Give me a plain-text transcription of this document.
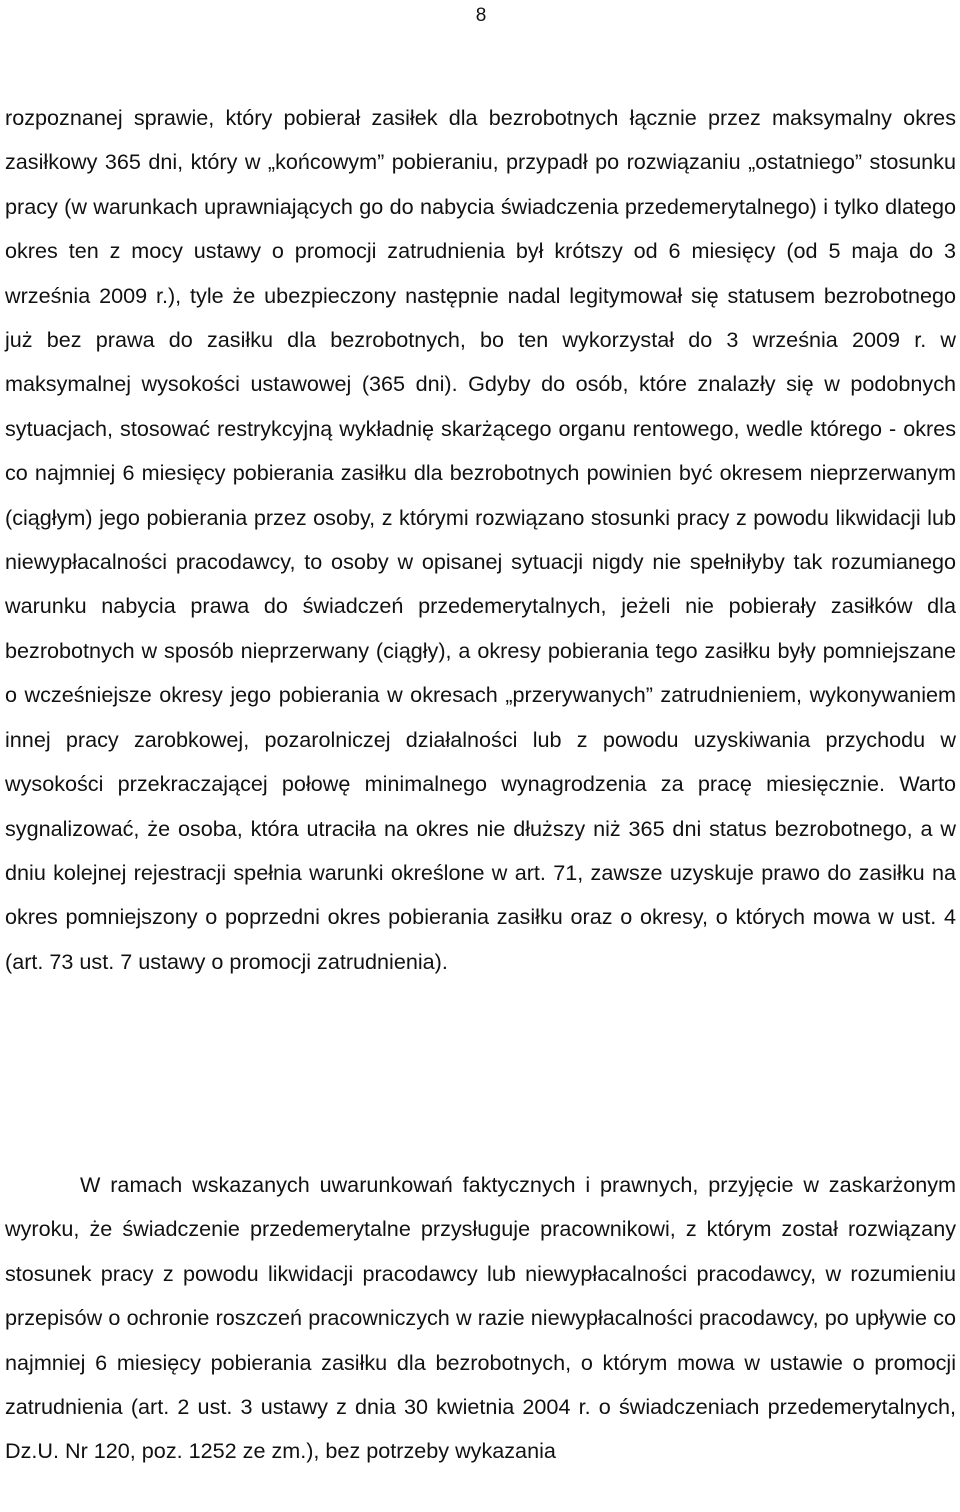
8

rozpoznanej sprawie, który pobierał zasiłek dla bezrobotnych łącznie przez maksymalny okres zasiłkowy 365 dni, który w „końcowym” pobieraniu, przypadł po rozwiązaniu „ostatniego” stosunku pracy (w warunkach uprawniających go do nabycia świadczenia przedemerytalnego) i tylko dlatego okres ten z mocy ustawy o promocji zatrudnienia był krótszy od 6 miesięcy (od 5 maja do 3 września 2009 r.), tyle że ubezpieczony następnie nadal legitymował się statusem bezrobotnego już bez prawa do zasiłku dla bezrobotnych, bo ten wykorzystał do 3 września 2009 r. w maksymalnej wysokości ustawowej (365 dni). Gdyby do osób, które znalazły się w podobnych sytuacjach, stosować restrykcyjną wykładnię skarżącego organu rentowego, wedle którego - okres co najmniej 6 miesięcy pobierania zasiłku dla bezrobotnych powinien być okresem nieprzerwanym (ciągłym) jego pobierania przez osoby, z którymi rozwiązano stosunki pracy z powodu likwidacji lub niewypłacalności pracodawcy, to osoby w opisanej sytuacji nigdy nie spełniłyby tak rozumianego warunku nabycia prawa do świadczeń przedemerytalnych, jeżeli nie pobierały zasiłków dla bezrobotnych w sposób nieprzerwany (ciągły), a okresy pobierania tego zasiłku były pomniejszane o wcześniejsze okresy jego pobierania w okresach „przerywanych” zatrudnieniem, wykonywaniem innej pracy zarobkowej, pozarolniczej działalności lub z powodu uzyskiwania przychodu w wysokości przekraczającej połowę minimalnego wynagrodzenia za pracę miesięcznie. Warto sygnalizować, że osoba, która utraciła na okres nie dłuższy niż 365 dni status bezrobotnego, a w dniu kolejnej rejestracji spełnia warunki określone w art. 71, zawsze uzyskuje prawo do zasiłku na okres pomniejszony o poprzedni okres pobierania zasiłku oraz o okresy, o których mowa w ust. 4 (art. 73 ust. 7 ustawy o promocji zatrudnienia).

W ramach wskazanych uwarunkowań faktycznych i prawnych, przyjęcie w zaskarżonym wyroku, że świadczenie przedemerytalne przysługuje pracownikowi, z którym został rozwiązany stosunek pracy z powodu likwidacji pracodawcy lub niewypłacalności pracodawcy, w rozumieniu przepisów o ochronie roszczeń pracowniczych w razie niewypłacalności pracodawcy, po upływie co najmniej 6 miesięcy pobierania zasiłku dla bezrobotnych, o którym mowa w ustawie o promocji zatrudnienia (art. 2 ust. 3 ustawy z dnia 30 kwietnia 2004 r. o świadczeniach przedemerytalnych, Dz.U. Nr 120, poz. 1252 ze zm.), bez potrzeby wykazania
